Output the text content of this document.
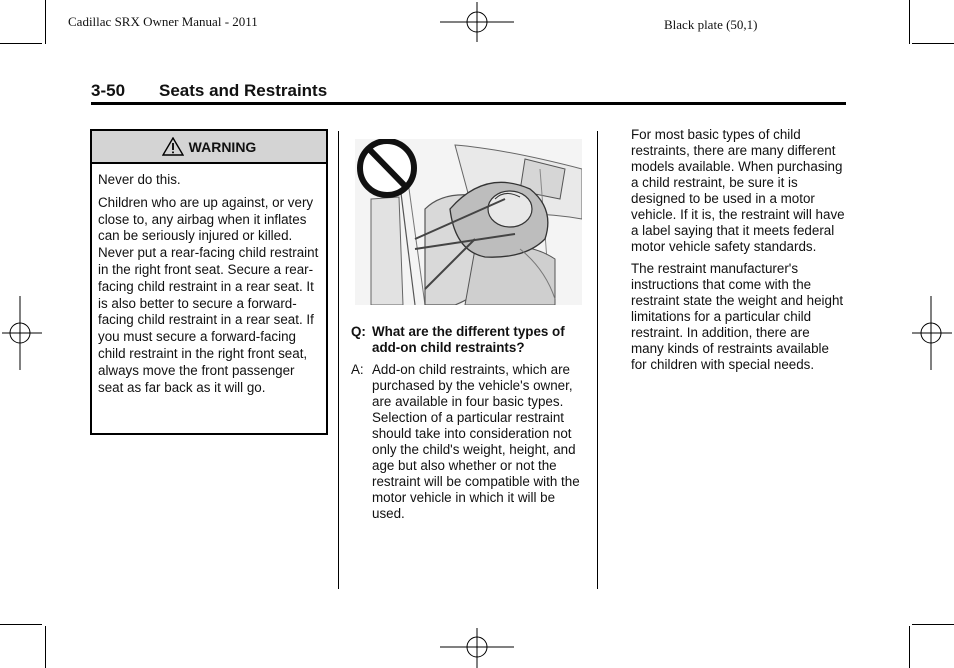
Cadillac SRX Owner Manual - 2011	Black plate (50,1)
3-50 Seats and Restraints
WARNING

Never do this.

Children who are up against, or very close to, any airbag when it inflates can be seriously injured or killed. Never put a rear-facing child restraint in the right front seat. Secure a rear-facing child restraint in a rear seat. It is also better to secure a forward-facing child restraint in a rear seat. If you must secure a forward-facing child restraint in the right front seat, always move the front passenger seat as far back as it will go.

Q: What are the different types of add-on child restraints?
A: Add-on child restraints, which are purchased by the vehicle's owner, are available in four basic types. Selection of a particular restraint should take into consideration not only the child's weight, height, and age but also whether or not the restraint will be compatible with the motor vehicle in which it will be used.

For most basic types of child restraints, there are many different models available. When purchasing a child restraint, be sure it is designed to be used in a motor vehicle. If it is, the restraint will have a label saying that it meets federal motor vehicle safety standards.

The restraint manufacturer's instructions that come with the restraint state the weight and height limitations for a particular child restraint. In addition, there are many kinds of restraints available for children with special needs.
